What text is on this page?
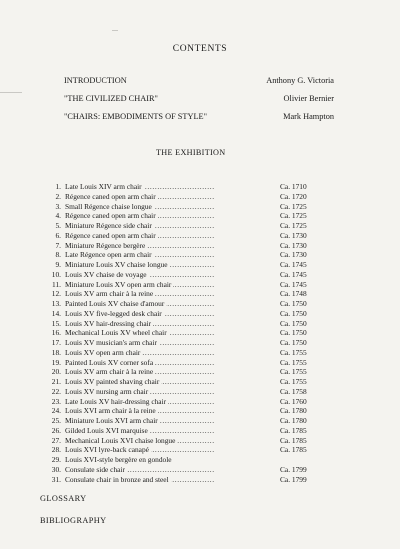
CONTENTS
INTRODUCTION	Anthony G. Victoria
"THE CIVILIZED CHAIR"	Olivier Bernier
"CHAIRS: EMBODIMENTS OF STYLE"	Mark Hampton
THE EXHIBITION
1. Late Louis XIV arm chair . . .	Ca. 1710
2. Régence caned open arm chair . . .	Ca. 1720
3. Small Régence chaise longue . . .	Ca. 1725
4. Régence caned open arm chair . . .	Ca. 1725
5. Miniature Régence side chair . . .	Ca. 1725
6. Régence caned open arm chair . . .	Ca. 1730
7. Miniature Régence bergère . . .	Ca. 1730
8. Late Régence open arm chair . . .	Ca. 1730
9. Miniature Louis XV chaise longue . . .	Ca. 1745
10. Louis XV chaise de voyage . . .	Ca. 1745
11. Miniature Louis XV open arm chair . . .	Ca. 1745
12. Louis XV arm chair à la reine . . .	Ca. 1748
13. Painted Louis XV chaise d'amour . . .	Ca. 1750
14. Louis XV five-legged desk chair . . .	Ca. 1750
15. Louis XV hair-dressing chair . . .	Ca. 1750
16. Mechanical Louis XV wheel chair . . .	Ca. 1750
17. Louis XV musician's arm chair . . .	Ca. 1750
18. Louis XV open arm chair . . .	Ca. 1755
19. Painted Louis XV corner sofa . . .	Ca. 1755
20. Louis XV arm chair à la reine . . .	Ca. 1755
21. Louis XV painted shaving chair . . .	Ca. 1755
22. Louis XV nursing arm chair . . .	Ca. 1758
23. Late Louis XV hair-dressing chair . . .	Ca. 1760
24. Louis XVI arm chair à la reine . . .	Ca. 1780
25. Miniature Louis XVI arm chair . . .	Ca. 1780
26. Gilded Louis XVI marquise . . .	Ca. 1785
27. Mechanical Louis XVI chaise longue . . .	Ca. 1785
28. Louis XVI lyre-back canapé . . .	Ca. 1785
29. Louis XVI-style bergère en gondole
30. Consulate side chair . . .	Ca. 1799
31. Consulate chair in bronze and steel . . .	Ca. 1799
GLOSSARY
BIBLIOGRAPHY
